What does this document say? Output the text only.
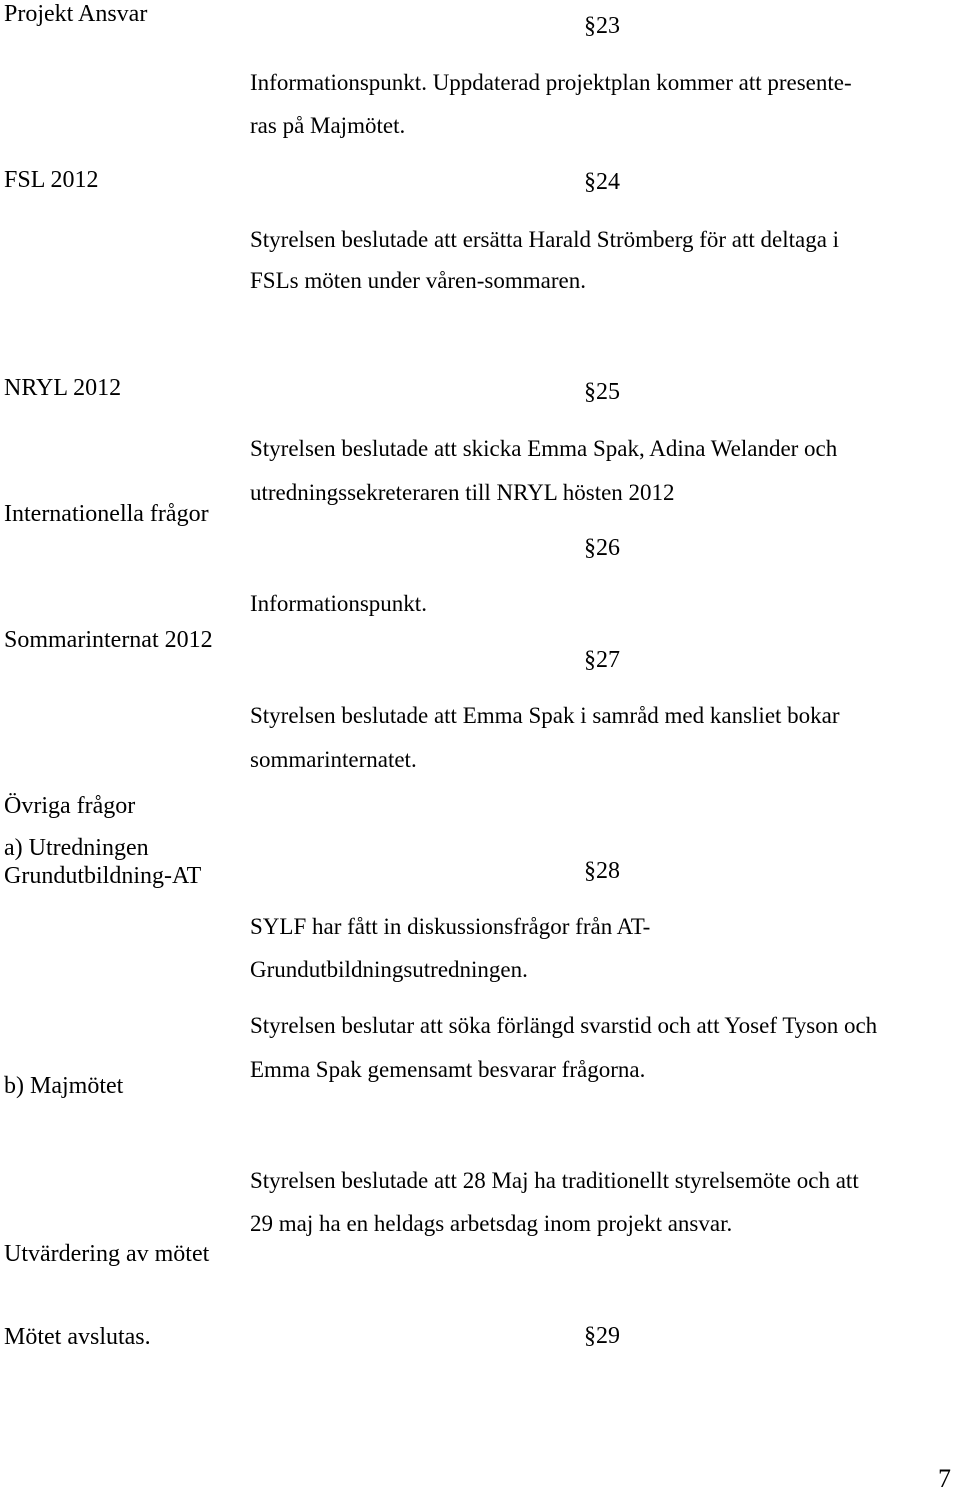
Projekt Ansvar
FSL 2012
NRYL 2012
Internationella frågor
Sommarinternat 2012
Övriga frågor
a) Utredningen
Grundutbildning-AT
b) Majmötet
Utvärdering av mötet
Mötet avslutas.
§23
§24
§25
§26
§27
§28
§29
Informationspunkt. Uppdaterad projektplan kommer att presente-
ras på Majmötet.
Styrelsen beslutade att ersätta Harald Strömberg för att deltaga i
FSLs möten under våren-sommaren.
Styrelsen beslutade att skicka Emma Spak, Adina Welander och
utredningssekreteraren till NRYL hösten 2012
Informationspunkt.
Styrelsen beslutade att Emma Spak i samråd med kansliet bokar
sommarinternatet.
SYLF har fått in diskussionsfrågor från AT-
Grundutbildningsutredningen.
Styrelsen beslutar att söka förlängd svarstid och att Yosef Tyson och
Emma Spak gemensamt besvarar frågorna.
Styrelsen beslutade att 28 Maj ha traditionellt styrelsemöte och att
29 maj ha en heldags arbetsdag inom projekt ansvar.
7
